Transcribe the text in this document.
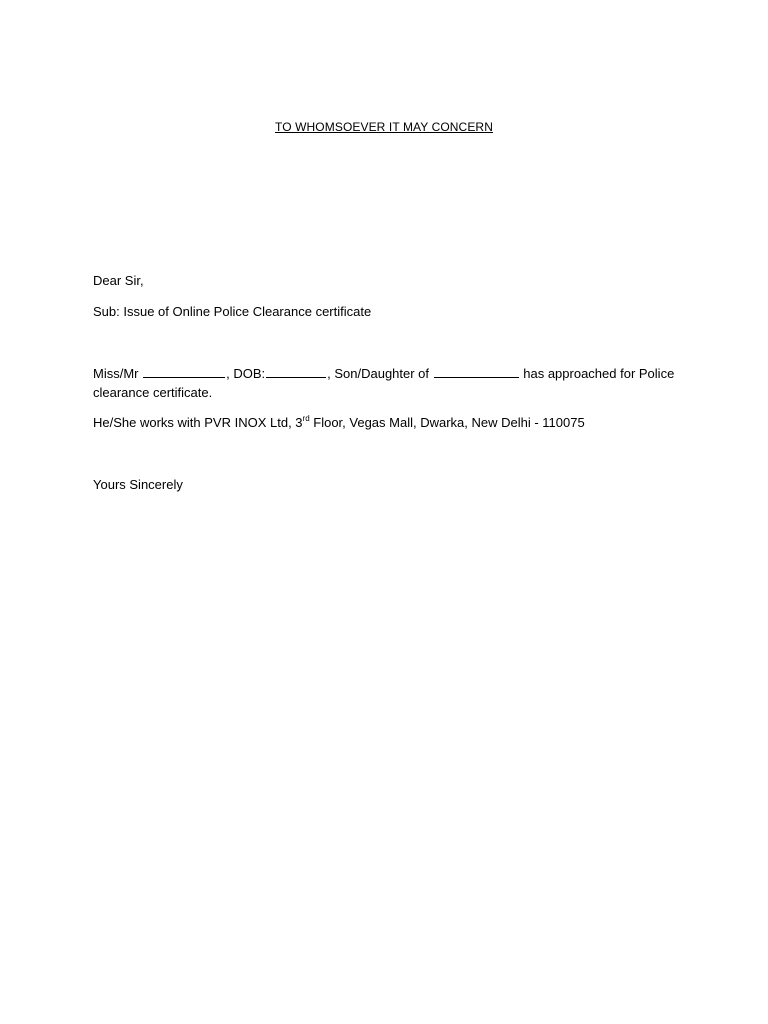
TO WHOMSOEVER IT MAY CONCERN
Dear Sir,
Sub: Issue of Online Police Clearance certificate
Miss/Mr	, DOB:	, Son/Daughter of	has approached for Police
clearance certificate.
He/She works with PVR INOX Ltd, 3rd Floor, Vegas Mall, Dwarka, New Delhi - 110075
Yours Sincerely
